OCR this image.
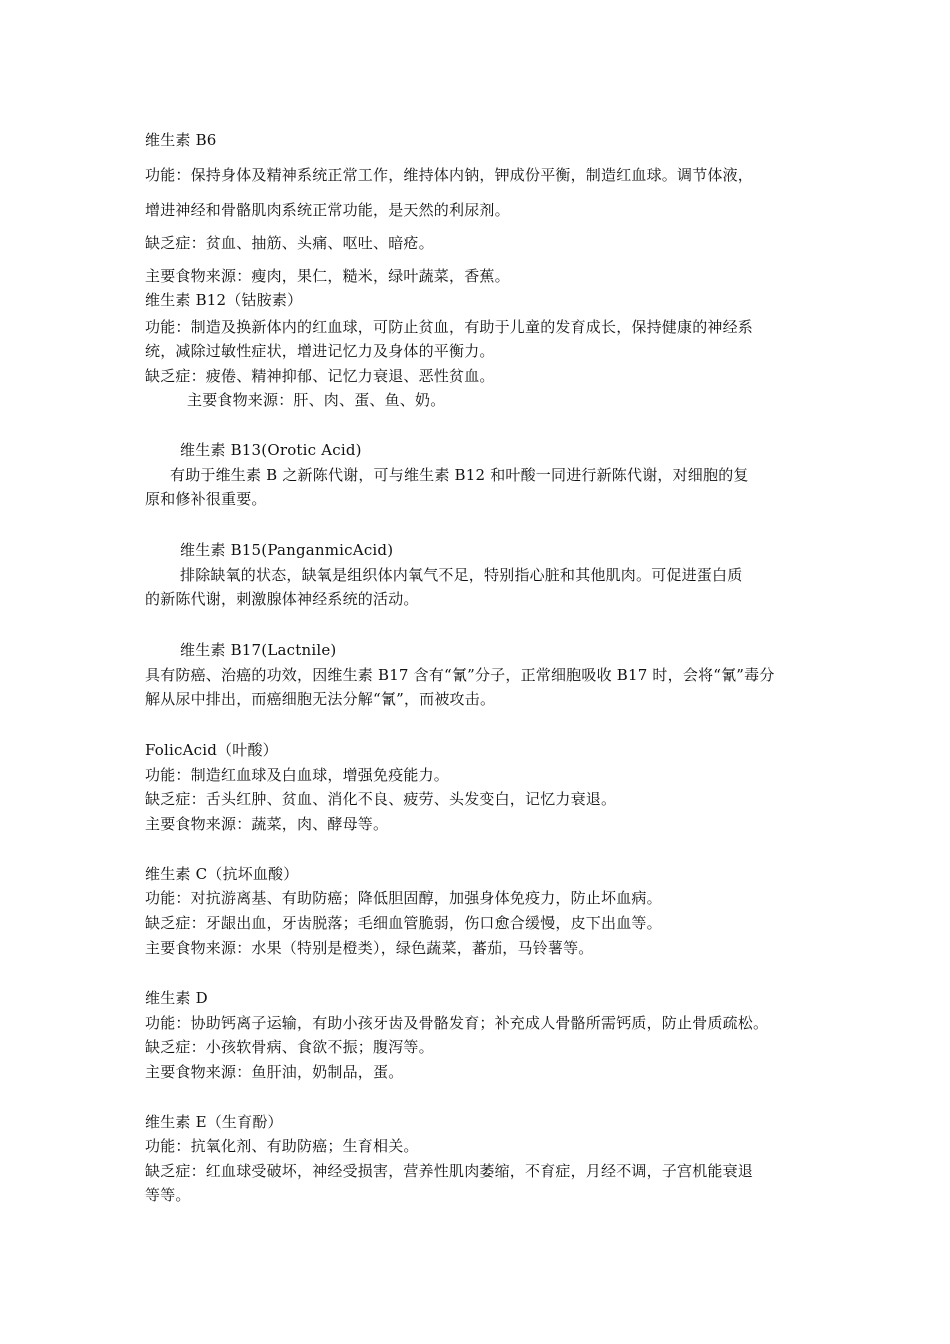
维生素 B6
功能：保持身体及精神系统正常工作，维持体内钠，钾成份平衡，制造红血球。调节体液，
增进神经和骨骼肌肉系统正常功能，是天然的利尿剂。
缺乏症：贫血、抽筋、头痛、呕吐、暗疮。
主要食物来源：瘦肉，果仁，糙米，绿叶蔬菜，香蕉。
维生素 B12（钴胺素）
功能：制造及换新体内的红血球，可防止贫血，有助于儿童的发育成长，保持健康的神经系
统，减除过敏性症状，增进记忆力及身体的平衡力。
缺乏症：疲倦、精神抑郁、记忆力衰退、恶性贫血。
主要食物来源：肝、肉、蛋、鱼、奶。
维生素 B13(Orotic Acid)
有助于维生素 B 之新陈代谢，可与维生素 B12 和叶酸一同进行新陈代谢，对细胞的复
原和修补很重要。
维生素 B15(PanganmicAcid)
排除缺氧的状态，缺氧是组织体内氧气不足，特别指心脏和其他肌肉。可促进蛋白质
的新陈代谢，刺激腺体神经系统的活动。
维生素 B17(Lactnile)
具有防癌、治癌的功效，因维生素 B17 含有“氰”分子，正常细胞吸收 B17 时，会将“氰”毒分
解从尿中排出，而癌细胞无法分解“氰”，而被攻击。
FolicAcid（叶酸）
功能：制造红血球及白血球，增强免疫能力。
缺乏症：舌头红肿、贫血、消化不良、疲劳、头发变白，记忆力衰退。
主要食物来源：蔬菜，肉、酵母等。
维生素 C（抗坏血酸）
功能：对抗游离基、有助防癌；降低胆固醇，加强身体免疫力，防止坏血病。
缺乏症：牙龈出血，牙齿脱落；毛细血管脆弱，伤口愈合缓慢，皮下出血等。
主要食物来源：水果（特别是橙类），绿色蔬菜，蕃茄，马铃薯等。
维生素 D
功能：协助钙离子运输，有助小孩牙齿及骨骼发育；补充成人骨骼所需钙质，防止骨质疏松。
缺乏症：小孩软骨病、食欲不振；腹泻等。
主要食物来源：鱼肝油，奶制品，蛋。
维生素 E（生育酚）
功能：抗氧化剂、有助防癌；生育相关。
缺乏症：红血球受破坏，神经受损害，营养性肌肉萎缩，不育症，月经不调，子宫机能衰退
等等。
